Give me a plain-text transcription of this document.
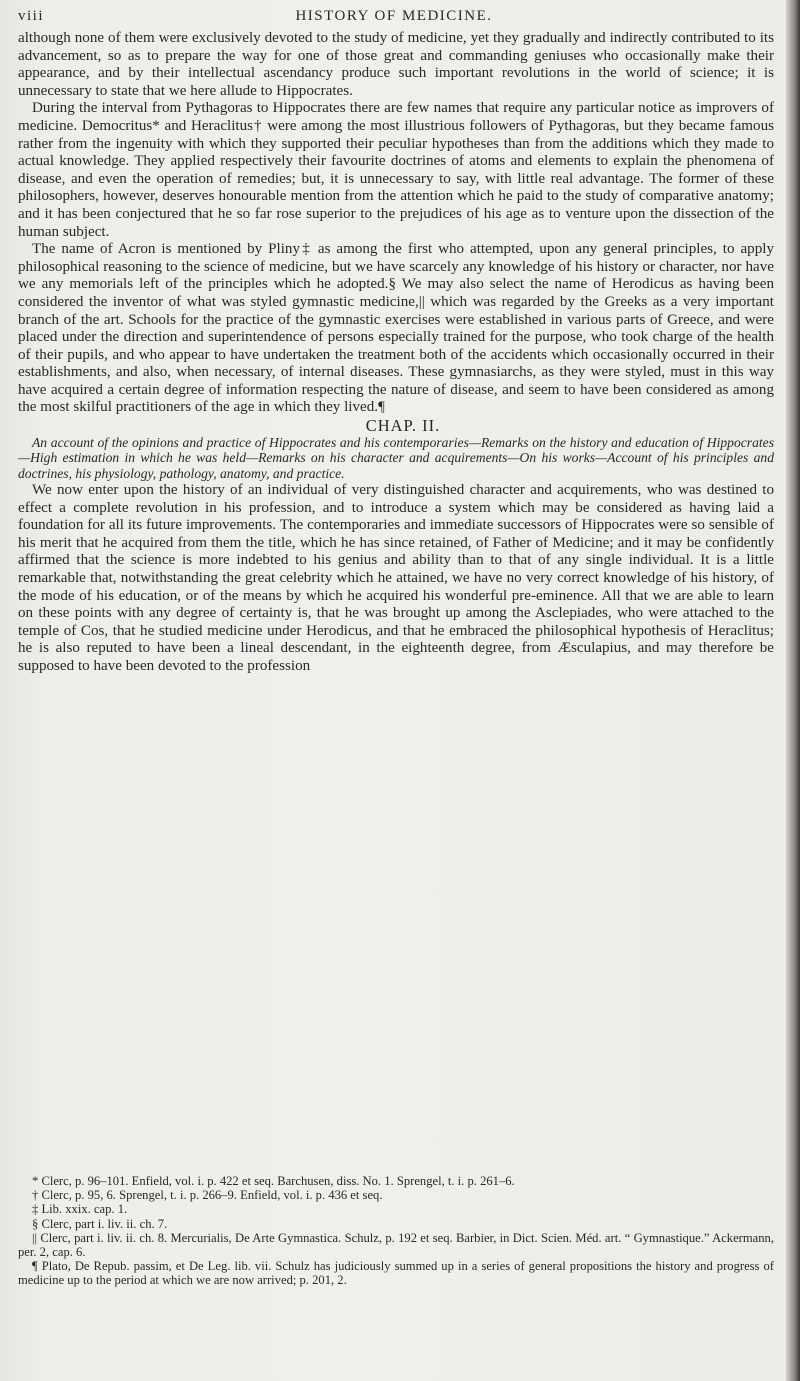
viii	HISTORY OF MEDICINE.

although none of them were exclusively devoted to the study of medicine, yet they gradually and indirectly contributed to its advancement, so as to prepare the way for one of those great and commanding geniuses who occasionally make their appearance, and by their intellectual ascendancy produce such important revolutions in the world of science; it is unnecessary to state that we here allude to Hippocrates.

During the interval from Pythagoras to Hippocrates there are few names that require any particular notice as improvers of medicine. Democritus* and Heraclitus† were among the most illustrious followers of Pythagoras, but they became famous rather from the ingenuity with which they supported their peculiar hypotheses than from the additions which they made to actual knowledge. They applied respectively their favourite doctrines of atoms and elements to explain the phenomena of disease, and even the operation of remedies; but, it is unnecessary to say, with little real advantage. The former of these philosophers, however, deserves honourable mention from the attention which he paid to the study of comparative anatomy; and it has been conjectured that he so far rose superior to the prejudices of his age as to venture upon the dissection of the human subject.

The name of Acron is mentioned by Pliny‡ as among the first who attempted, upon any general principles, to apply philosophical reasoning to the science of medicine, but we have scarcely any knowledge of his history or character, nor have we any memorials left of the principles which he adopted.§ We may also select the name of Herodicus as having been considered the inventor of what was styled gymnastic medicine,|| which was regarded by the Greeks as a very important branch of the art. Schools for the practice of the gymnastic exercises were established in various parts of Greece, and were placed under the direction and superintendence of persons especially trained for the purpose, who took charge of the health of their pupils, and who appear to have undertaken the treatment both of the accidents which occasionally occurred in their establishments, and also, when necessary, of internal diseases. These gymnasiarchs, as they were styled, must in this way have acquired a certain degree of information respecting the nature of disease, and seem to have been considered as among the most skilful practitioners of the age in which they lived.¶

CHAP. II.

An account of the opinions and practice of Hippocrates and his contemporaries—Remarks on the history and education of Hippocrates—High estimation in which he was held—Remarks on his character and acquirements—On his works—Account of his principles and doctrines, his physiology, pathology, anatomy, and practice.

We now enter upon the history of an individual of very distinguished character and acquirements, who was destined to effect a complete revolution in his profession, and to introduce a system which may be considered as having laid a foundation for all its future improvements. The contemporaries and immediate successors of Hippocrates were so sensible of his merit that he acquired from them the title, which he has since retained, of Father of Medicine; and it may be confidently affirmed that the science is more indebted to his genius and ability than to that of any single individual. It is a little remarkable that, notwithstanding the great celebrity which he attained, we have no very correct knowledge of his history, of the mode of his education, or of the means by which he acquired his wonderful pre-eminence. All that we are able to learn on these points with any degree of certainty is, that he was brought up among the Asclepiades, who were attached to the temple of Cos, that he studied medicine under Herodicus, and that he embraced the philosophical hypothesis of Heraclitus; he is also reputed to have been a lineal descendant, in the eighteenth degree, from Æsculapius, and may therefore be supposed to have been devoted to the profession

* Clerc, p. 96–101. Enfield, vol. i. p. 422 et seq. Barchusen, diss. No. 1. Sprengel, t. i. p. 261–6.

† Clerc, p. 95, 6. Sprengel, t. i. p. 266–9. Enfield, vol. i. p. 436 et seq.

‡ Lib. xxix. cap. 1.

§ Clerc, part i. liv. ii. ch. 7.

|| Clerc, part i. liv. ii. ch. 8. Mercurialis, De Arte Gymnastica. Schulz, p. 192 et seq. Barbier, in Dict. Scien. Méd. art. “ Gymnastique.” Ackermann, per. 2, cap. 6.

¶ Plato, De Repub. passim, et De Leg. lib. vii. Schulz has judiciously summed up in a series of general propositions the history and progress of medicine up to the period at which we are now arrived; p. 201, 2.
